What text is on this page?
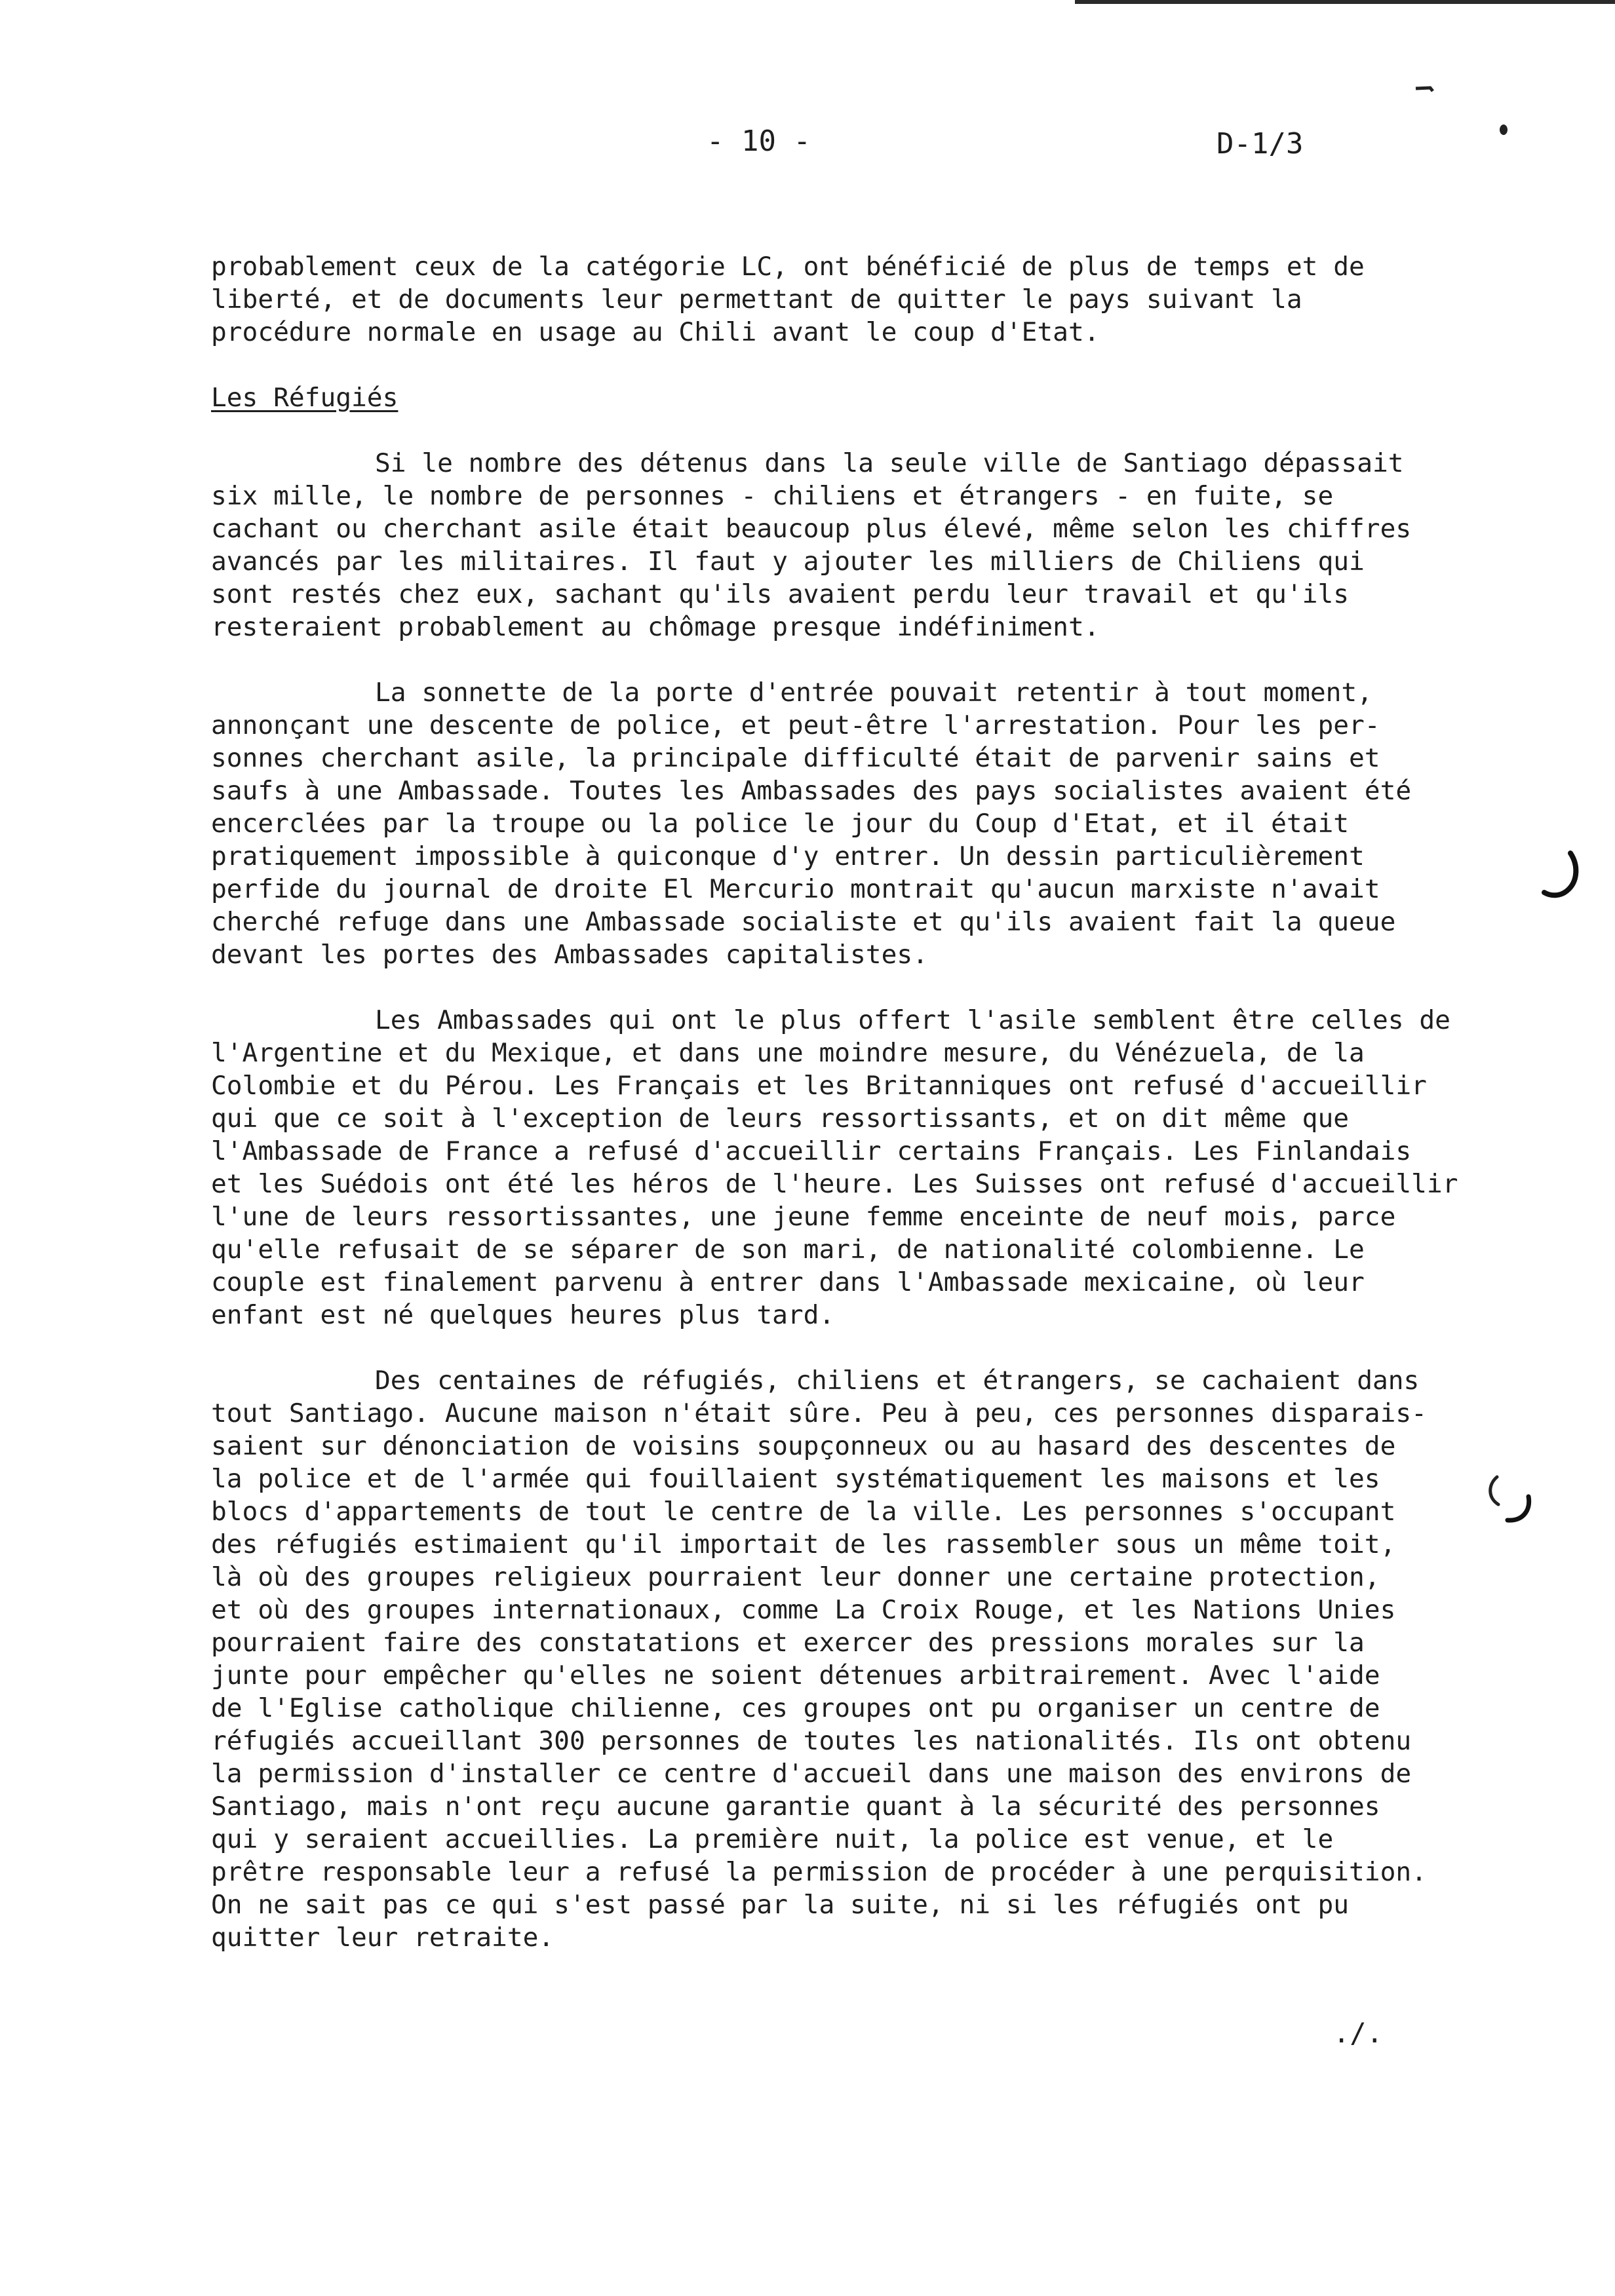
- 10 -	D-1/3
probablement ceux de la catégorie LC, ont bénéficié de plus de temps et de
liberté, et de documents leur permettant de quitter le pays suivant la
procédure normale en usage au Chili avant le coup d'Etat.
Les Réfugiés
Si le nombre des détenus dans la seule ville de Santiago dépassait
six mille, le nombre de personnes - chiliens et étrangers - en fuite, se
cachant ou cherchant asile était beaucoup plus élevé, même selon les chiffres
avancés par les militaires. Il faut y ajouter les milliers de Chiliens qui
sont restés chez eux, sachant qu'ils avaient perdu leur travail et qu'ils
resteraient probablement au chômage presque indéfiniment.
La sonnette de la porte d'entrée pouvait retentir à tout moment,
annonçant une descente de police, et peut-être l'arrestation. Pour les per-
sonnes cherchant asile, la principale difficulté était de parvenir sains et
saufs à une Ambassade. Toutes les Ambassades des pays socialistes avaient été
encerclées par la troupe ou la police le jour du Coup d'Etat, et il était
pratiquement impossible à quiconque d'y entrer. Un dessin particulièrement
perfide du journal de droite El Mercurio montrait qu'aucun marxiste n'avait
cherché refuge dans une Ambassade socialiste et qu'ils avaient fait la queue
devant les portes des Ambassades capitalistes.
Les Ambassades qui ont le plus offert l'asile semblent être celles de
l'Argentine et du Mexique, et dans une moindre mesure, du Vénézuela, de la
Colombie et du Pérou. Les Français et les Britanniques ont refusé d'accueillir
qui que ce soit à l'exception de leurs ressortissants, et on dit même que
l'Ambassade de France a refusé d'accueillir certains Français. Les Finlandais
et les Suédois ont été les héros de l'heure. Les Suisses ont refusé d'accueillir
l'une de leurs ressortissantes, une jeune femme enceinte de neuf mois, parce
qu'elle refusait de se séparer de son mari, de nationalité colombienne. Le
couple est finalement parvenu à entrer dans l'Ambassade mexicaine, où leur
enfant est né quelques heures plus tard.
Des centaines de réfugiés, chiliens et étrangers, se cachaient dans
tout Santiago. Aucune maison n'était sûre. Peu à peu, ces personnes disparais-
saient sur dénonciation de voisins soupçonneux ou au hasard des descentes de
la police et de l'armée qui fouillaient systématiquement les maisons et les
blocs d'appartements de tout le centre de la ville. Les personnes s'occupant
des réfugiés estimaient qu'il importait de les rassembler sous un même toit,
là où des groupes religieux pourraient leur donner une certaine protection,
et où des groupes internationaux, comme La Croix Rouge, et les Nations Unies
pourraient faire des constatations et exercer des pressions morales sur la
junte pour empêcher qu'elles ne soient détenues arbitrairement. Avec l'aide
de l'Eglise catholique chilienne, ces groupes ont pu organiser un centre de
réfugiés accueillant 300 personnes de toutes les nationalités. Ils ont obtenu
la permission d'installer ce centre d'accueil dans une maison des environs de
Santiago, mais n'ont reçu aucune garantie quant à la sécurité des personnes
qui y seraient accueillies. La première nuit, la police est venue, et le
prêtre responsable leur a refusé la permission de procéder à une perquisition.
On ne sait pas ce qui s'est passé par la suite, ni si les réfugiés ont pu
quitter leur retraite.
./.
